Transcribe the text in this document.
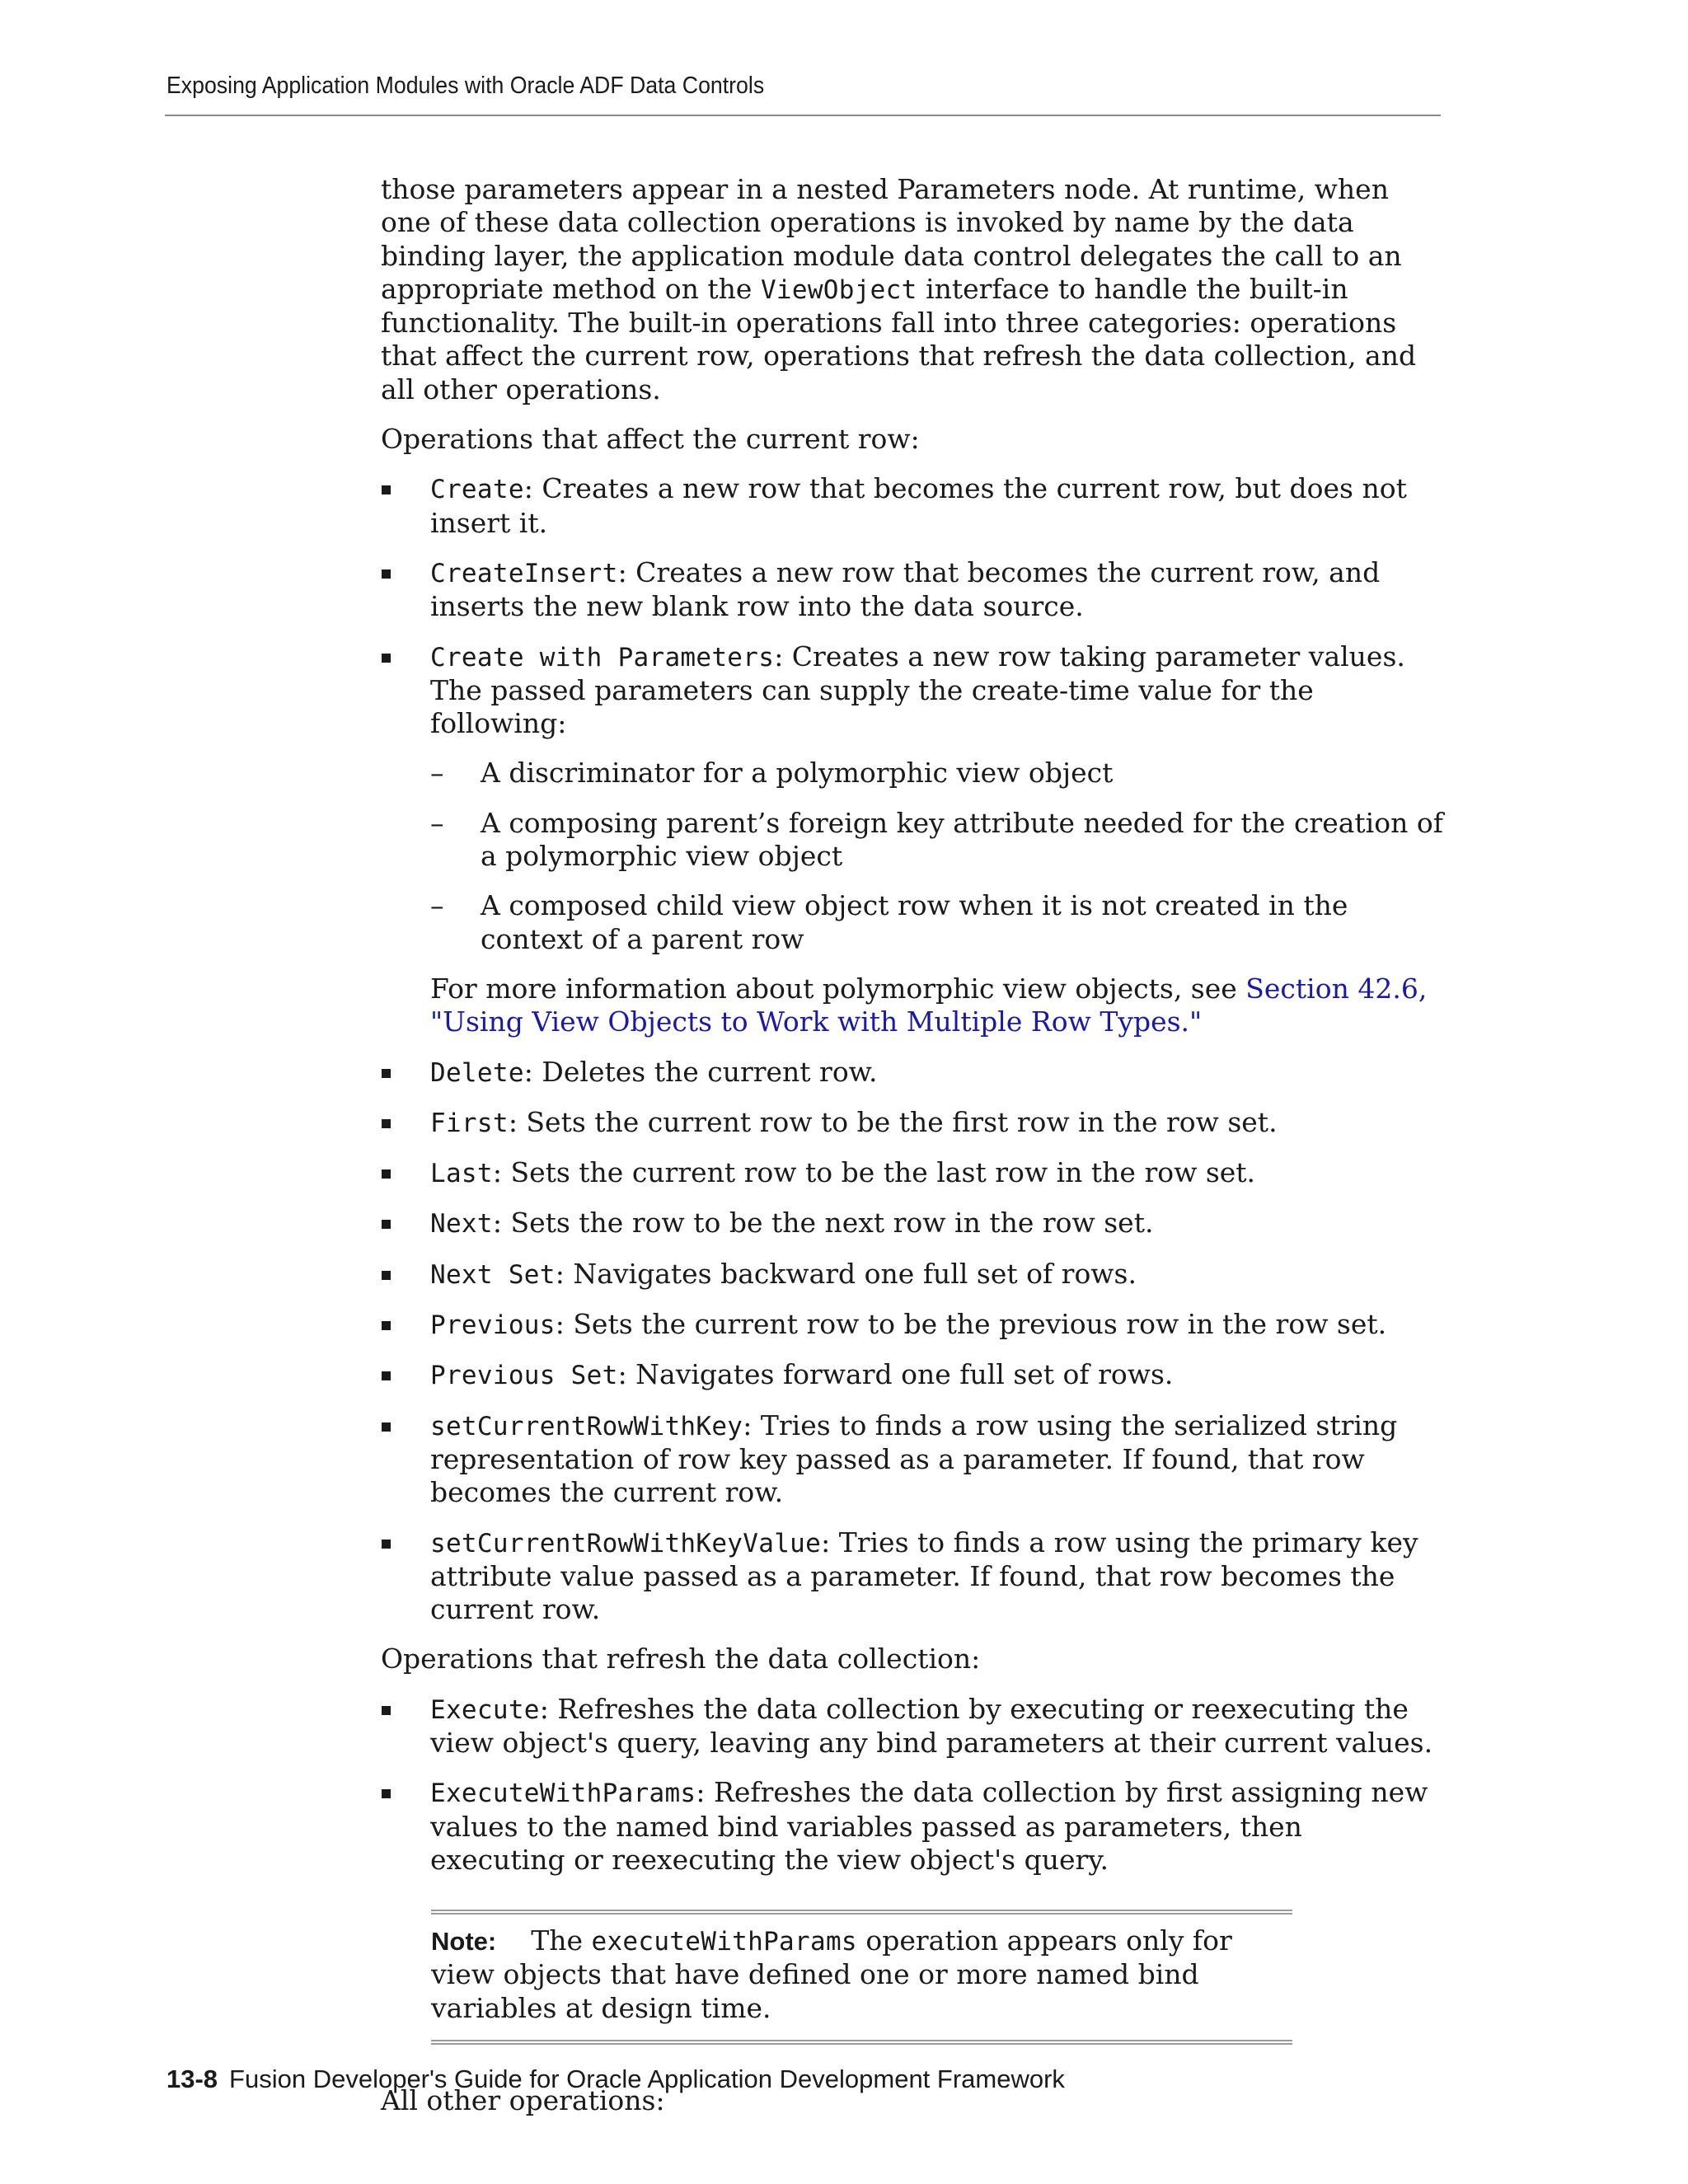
Exposing Application Modules with Oracle ADF Data Controls

those parameters appear in a nested Parameters node. At runtime, when one of these data collection operations is invoked by name by the data binding layer, the application module data control delegates the call to an appropriate method on the ViewObject interface to handle the built-in functionality. The built-in operations fall into three categories: operations that affect the current row, operations that refresh the data collection, and all other operations.

Operations that affect the current row:

Create: Creates a new row that becomes the current row, but does not insert it.
CreateInsert: Creates a new row that becomes the current row, and inserts the new blank row into the data source.
Create with Parameters: Creates a new row taking parameter values. The passed parameters can supply the create-time value for the following:
– A discriminator for a polymorphic view object
– A composing parent’s foreign key attribute needed for the creation of a polymorphic view object
– A composed child view object row when it is not created in the context of a parent row

For more information about polymorphic view objects, see Section 42.6, "Using View Objects to Work with Multiple Row Types."

Delete: Deletes the current row.
First: Sets the current row to be the first row in the row set.
Last: Sets the current row to be the last row in the row set.
Next: Sets the row to be the next row in the row set.
Next Set: Navigates backward one full set of rows.
Previous: Sets the current row to be the previous row in the row set.
Previous Set: Navigates forward one full set of rows.
setCurrentRowWithKey: Tries to finds a row using the serialized string representation of row key passed as a parameter. If found, that row becomes the current row.
setCurrentRowWithKeyValue: Tries to finds a row using the primary key attribute value passed as a parameter. If found, that row becomes the current row.

Operations that refresh the data collection:

Execute: Refreshes the data collection by executing or reexecuting the view object's query, leaving any bind parameters at their current values.
ExecuteWithParams: Refreshes the data collection by first assigning new values to the named bind variables passed as parameters, then executing or reexecuting the view object's query.

Note: The executeWithParams operation appears only for view objects that have defined one or more named bind variables at design time.

All other operations:

13-8 Fusion Developer's Guide for Oracle Application Development Framework
